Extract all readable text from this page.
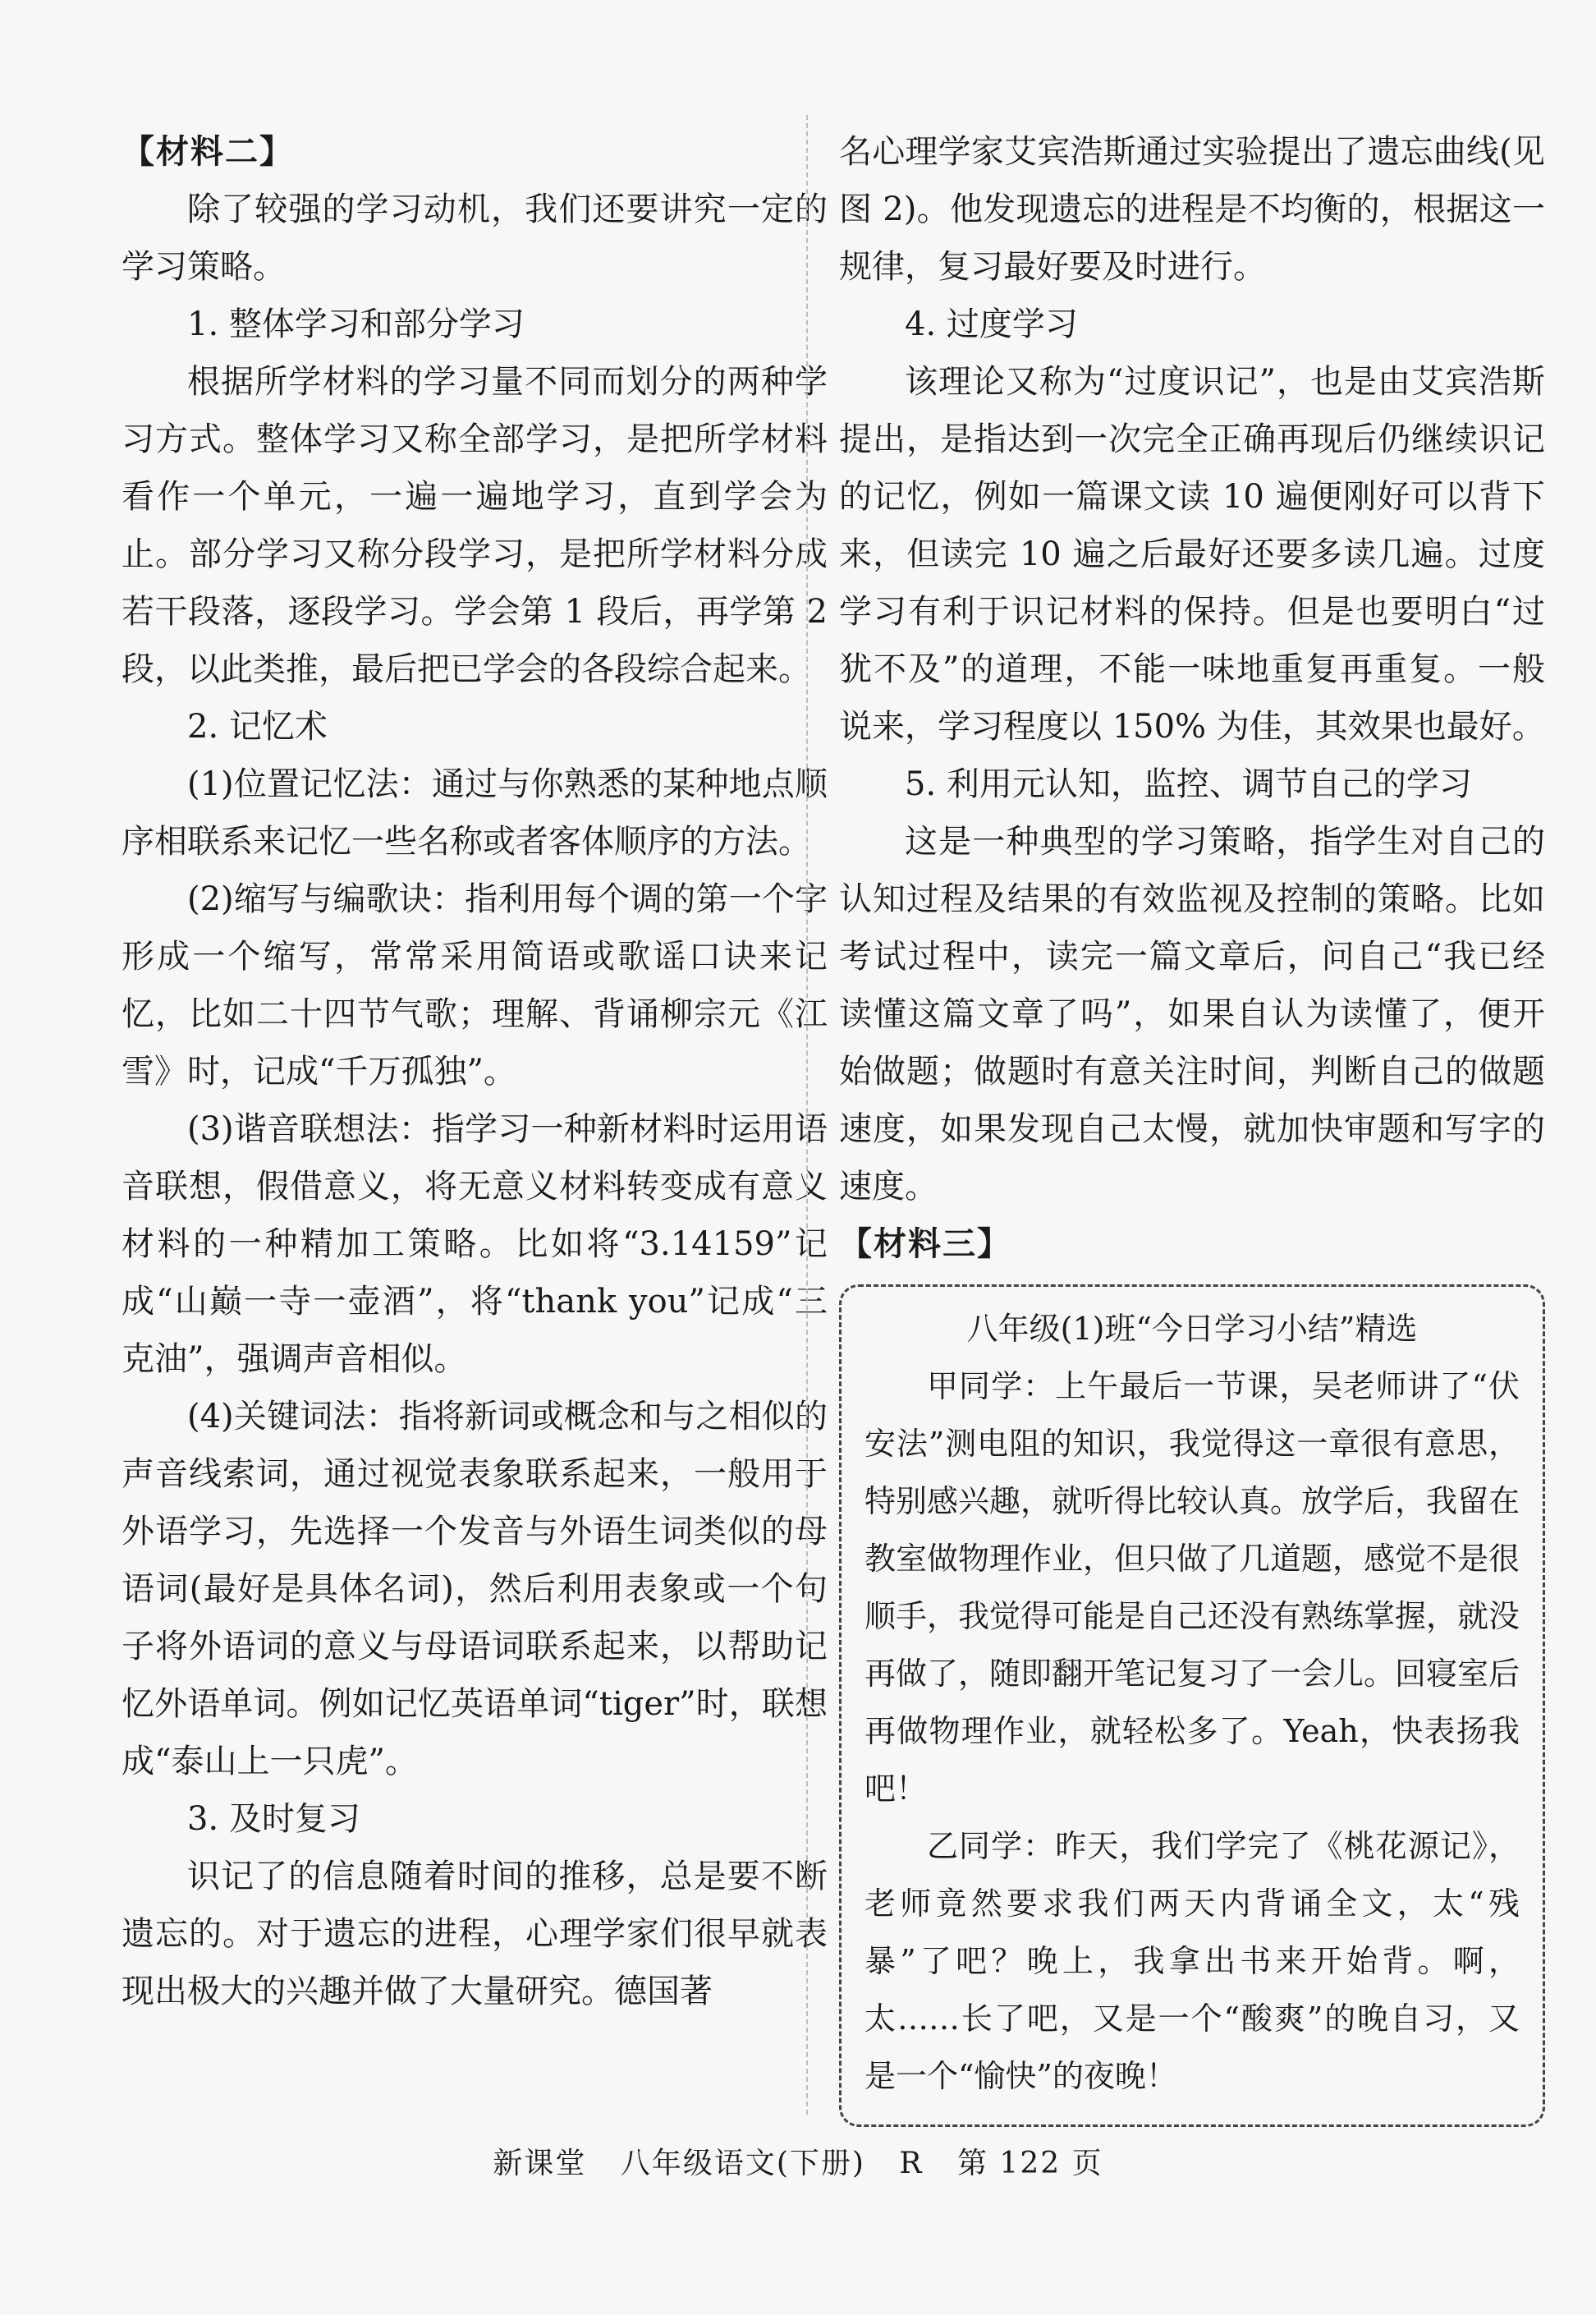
【材料二】

除了较强的学习动机，我们还要讲究一定的学习策略。

1. 整体学习和部分学习

根据所学材料的学习量不同而划分的两种学习方式。整体学习又称全部学习，是把所学材料看作一个单元，一遍一遍地学习，直到学会为止。部分学习又称分段学习，是把所学材料分成若干段落，逐段学习。学会第 1 段后，再学第 2 段，以此类推，最后把已学会的各段综合起来。

2. 记忆术

(1)位置记忆法：通过与你熟悉的某种地点顺序相联系来记忆一些名称或者客体顺序的方法。

(2)缩写与编歌诀：指利用每个调的第一个字形成一个缩写，常常采用简语或歌谣口诀来记忆，比如二十四节气歌；理解、背诵柳宗元《江雪》时，记成“千万孤独”。

(3)谐音联想法：指学习一种新材料时运用语音联想，假借意义，将无意义材料转变成有意义材料的一种精加工策略。比如将“3.14159”记成“山巅一寺一壶酒”，将“thank you”记成“三克油”，强调声音相似。

(4)关键词法：指将新词或概念和与之相似的声音线索词，通过视觉表象联系起来，一般用于外语学习，先选择一个发音与外语生词类似的母语词(最好是具体名词)，然后利用表象或一个句子将外语词的意义与母语词联系起来，以帮助记忆外语单词。例如记忆英语单词“tiger”时，联想成“泰山上一只虎”。

3. 及时复习

识记了的信息随着时间的推移，总是要不断遗忘的。对于遗忘的进程，心理学家们很早就表现出极大的兴趣并做了大量研究。德国著

名心理学家艾宾浩斯通过实验提出了遗忘曲线(见图 2)。他发现遗忘的进程是不均衡的，根据这一规律，复习最好要及时进行。

4. 过度学习

该理论又称为“过度识记”，也是由艾宾浩斯提出，是指达到一次完全正确再现后仍继续识记的记忆，例如一篇课文读 10 遍便刚好可以背下来，但读完 10 遍之后最好还要多读几遍。过度学习有利于识记材料的保持。但是也要明白“过犹不及”的道理，不能一味地重复再重复。一般说来，学习程度以 150% 为佳，其效果也最好。

5. 利用元认知，监控、调节自己的学习

这是一种典型的学习策略，指学生对自己的认知过程及结果的有效监视及控制的策略。比如考试过程中，读完一篇文章后，问自己“我已经读懂这篇文章了吗”，如果自认为读懂了，便开始做题；做题时有意关注时间，判断自己的做题速度，如果发现自己太慢，就加快审题和写字的速度。

【材料三】
八年级(1)班“今日学习小结”精选

甲同学：上午最后一节课，吴老师讲了“伏安法”测电阻的知识，我觉得这一章很有意思，特别感兴趣，就听得比较认真。放学后，我留在教室做物理作业，但只做了几道题，感觉不是很顺手，我觉得可能是自己还没有熟练掌握，就没再做了，随即翻开笔记复习了一会儿。回寝室后再做物理作业，就轻松多了。Yeah，快表扬我吧！

乙同学：昨天，我们学完了《桃花源记》，老师竟然要求我们两天内背诵全文，太“残暴”了吧？晚上，我拿出书来开始背。啊，太……长了吧，又是一个“酸爽”的晚自习，又是一个“愉快”的夜晚！

新课堂 八年级语文(下册) R 第 122 页
